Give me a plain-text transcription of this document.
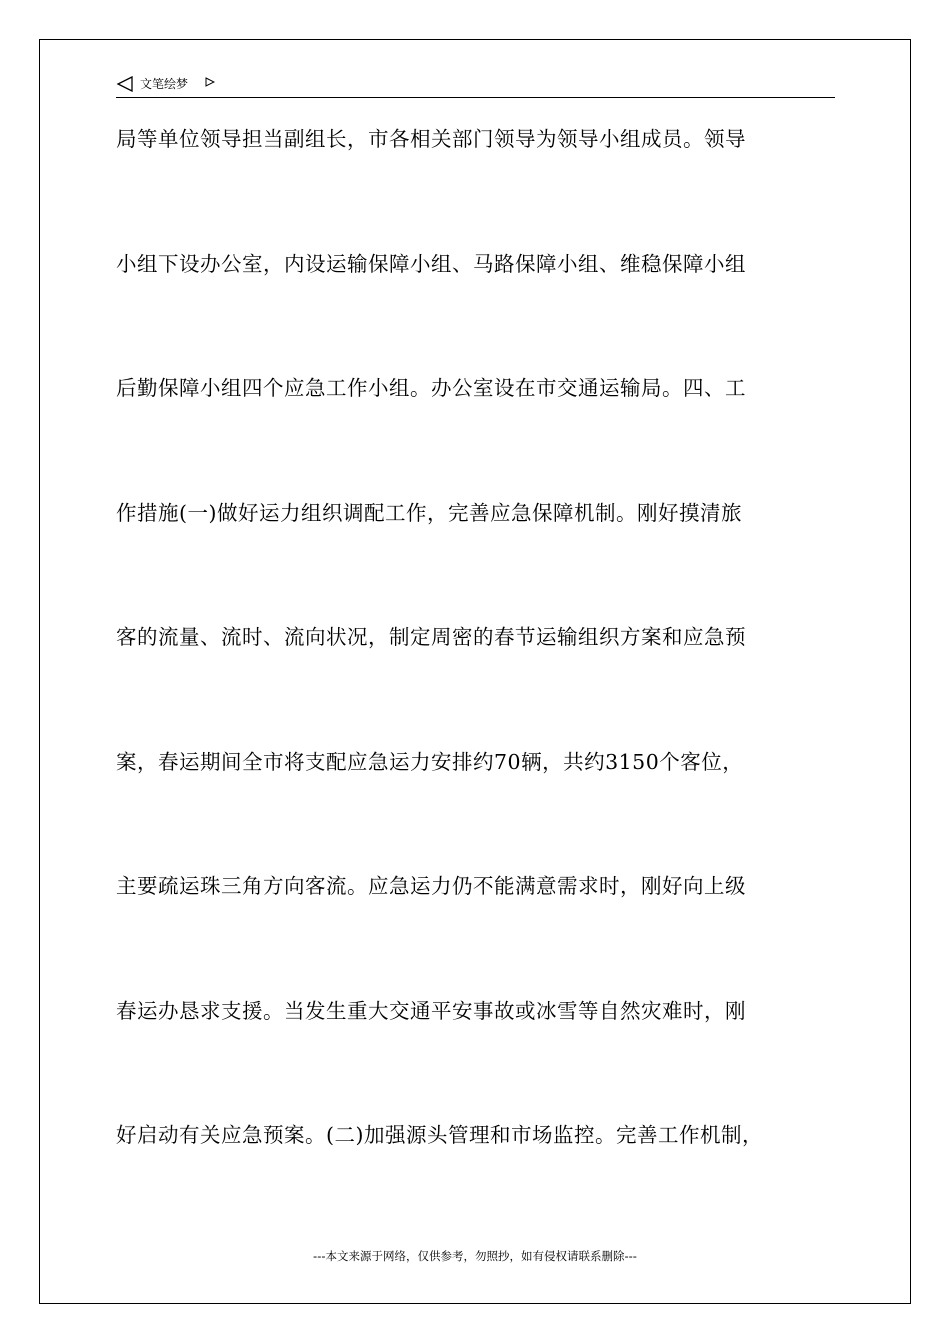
文笔绘梦
局等单位领导担当副组长，市各相关部门领导为领导小组成员。领导
小组下设办公室，内设运输保障小组、马路保障小组、维稳保障小组
后勤保障小组四个应急工作小组。办公室设在市交通运输局。四、工
作措施(一)做好运力组织调配工作，完善应急保障机制。刚好摸清旅
客的流量、流时、流向状况，制定周密的春节运输组织方案和应急预
案，春运期间全市将支配应急运力安排约70辆，共约3150个客位，
主要疏运珠三角方向客流。应急运力仍不能满意需求时，刚好向上级
春运办恳求支援。当发生重大交通平安事故或冰雪等自然灾难时，刚
好启动有关应急预案。(二)加强源头管理和市场监控。完善工作机制，
---本文来源于网络，仅供参考，勿照抄，如有侵权请联系删除---
